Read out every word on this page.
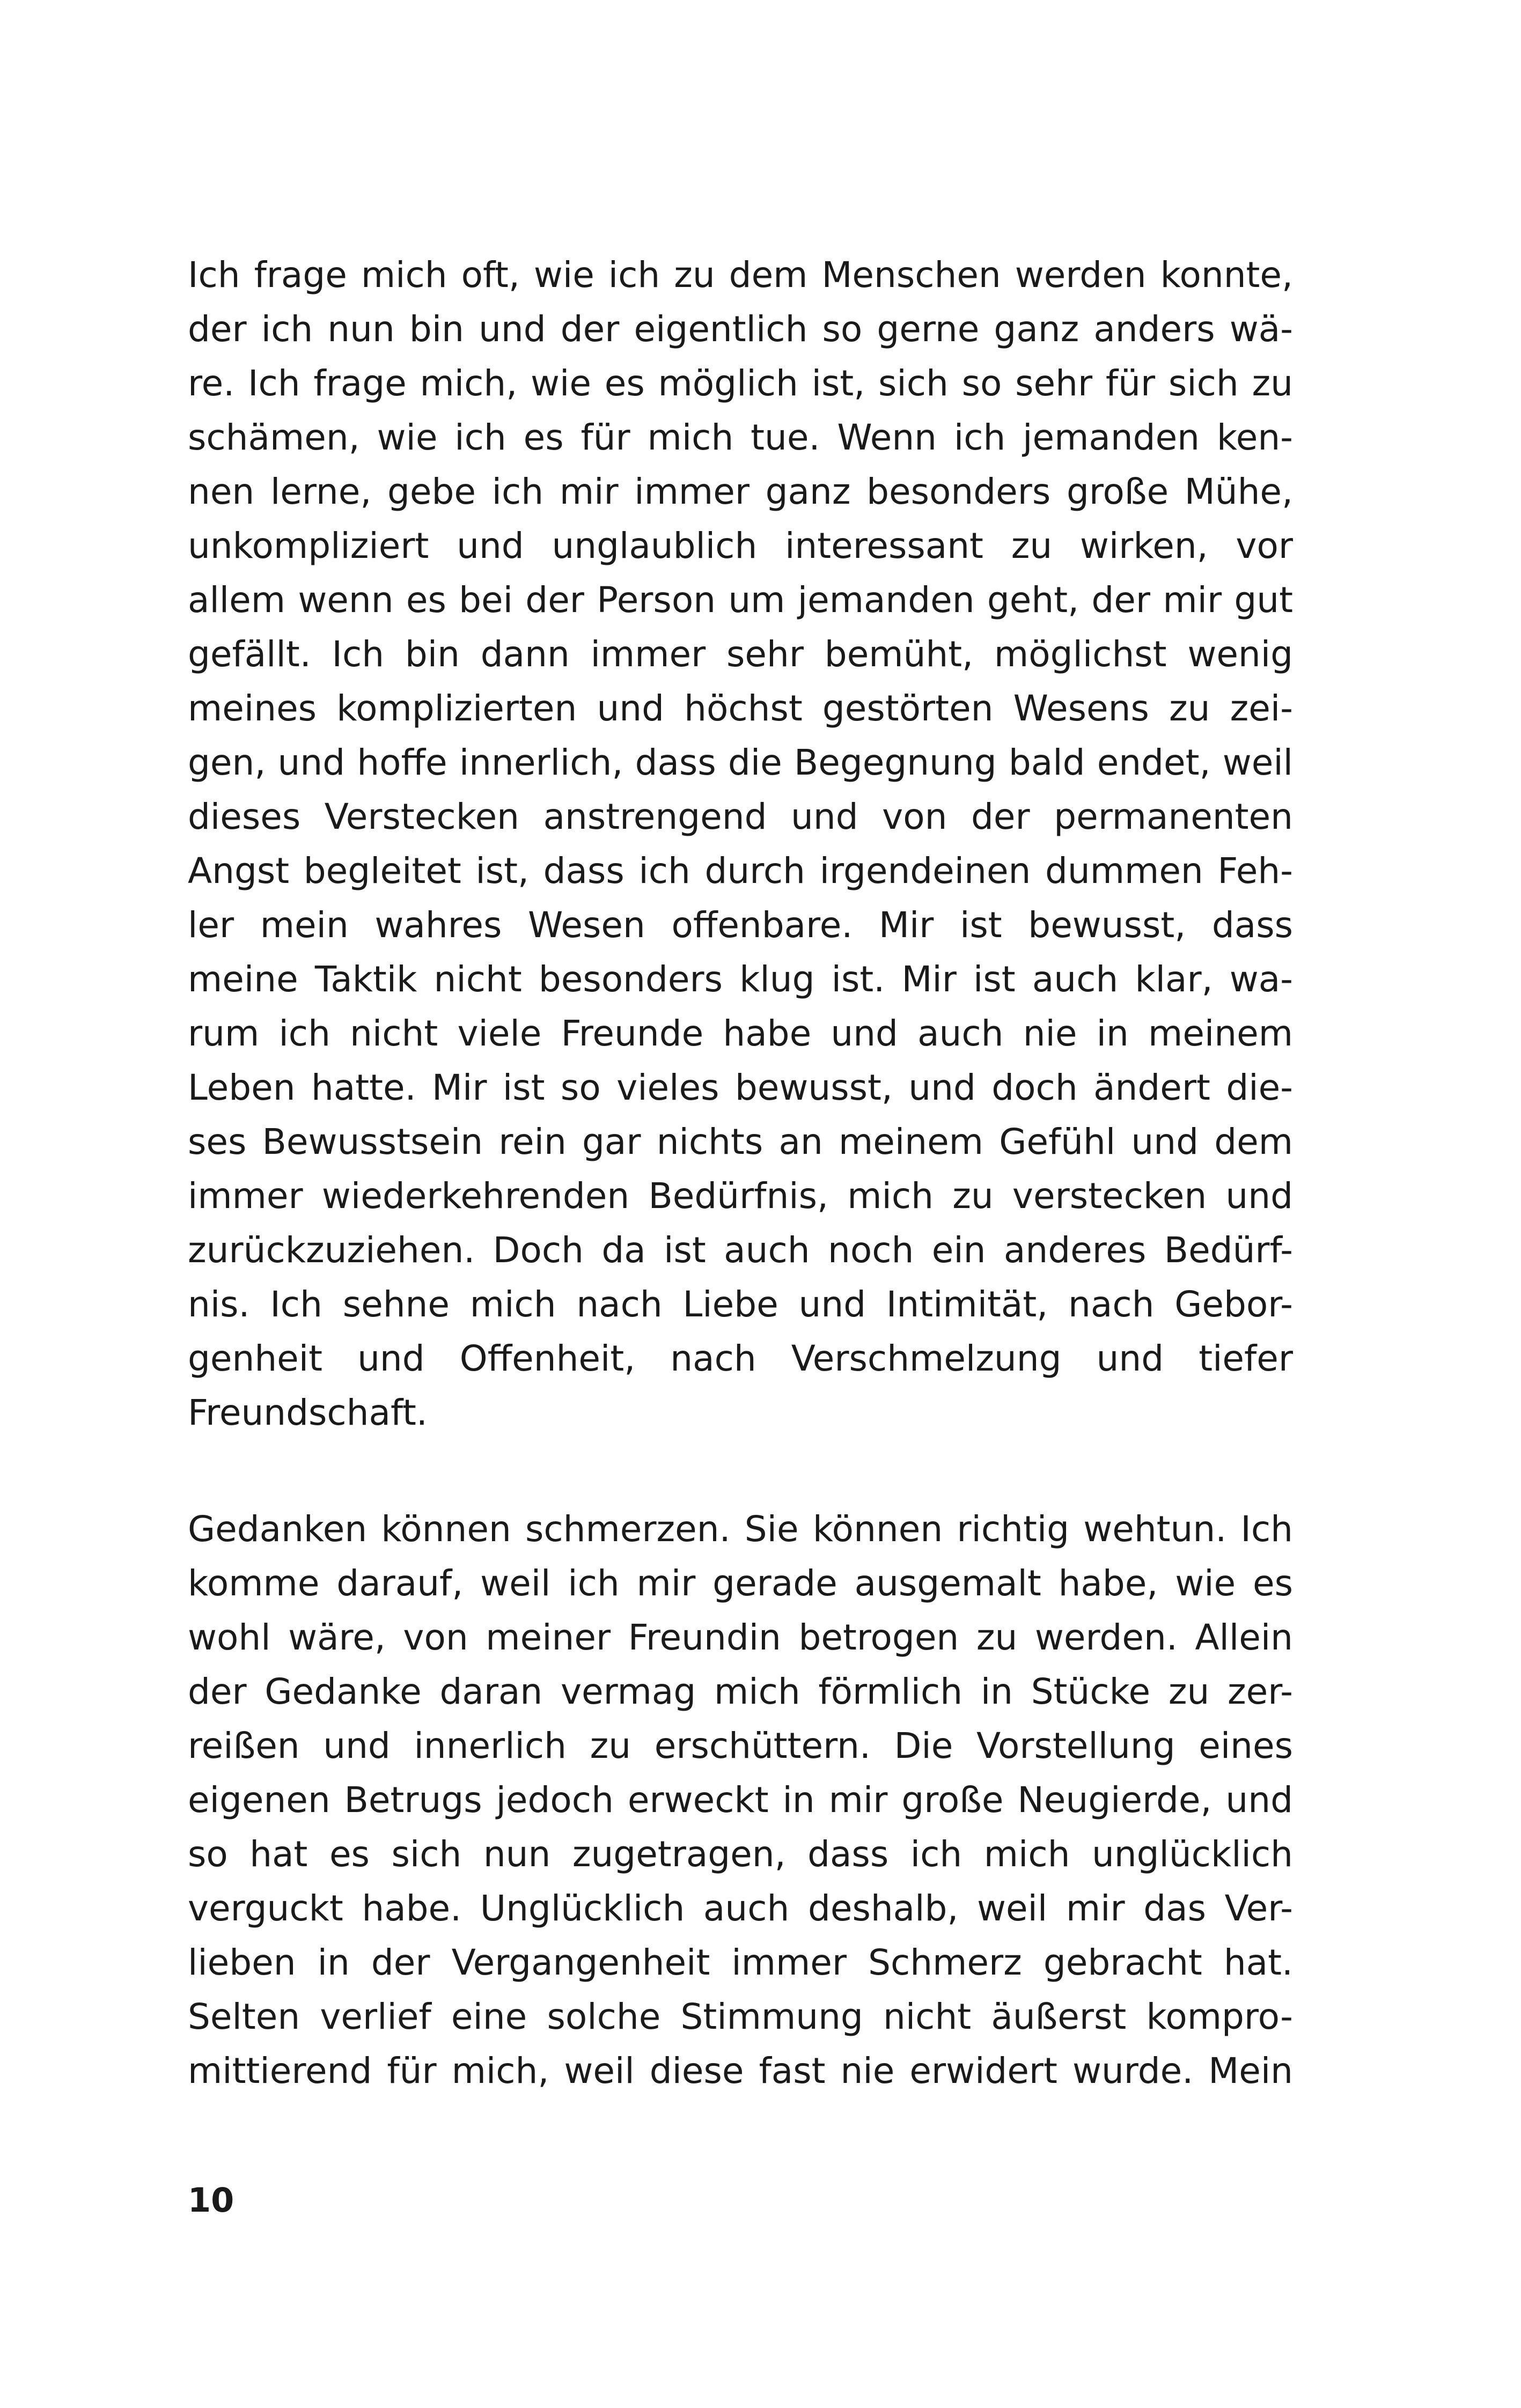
Ich frage mich oft, wie ich zu dem Menschen werden konnte,
der ich nun bin und der eigentlich so gerne ganz anders wä-
re. Ich frage mich, wie es möglich ist, sich so sehr für sich zu
schämen, wie ich es für mich tue. Wenn ich jemanden ken-
nen lerne, gebe ich mir immer ganz besonders große Mühe,
unkompliziert und unglaublich interessant zu wirken, vor
allem wenn es bei der Person um jemanden geht, der mir gut
gefällt. Ich bin dann immer sehr bemüht, möglichst wenig
meines komplizierten und höchst gestörten Wesens zu zei-
gen, und hoffe innerlich, dass die Begegnung bald endet, weil
dieses Verstecken anstrengend und von der permanenten
Angst begleitet ist, dass ich durch irgendeinen dummen Feh-
ler mein wahres Wesen offenbare. Mir ist bewusst, dass
meine Taktik nicht besonders klug ist. Mir ist auch klar, wa-
rum ich nicht viele Freunde habe und auch nie in meinem
Leben hatte. Mir ist so vieles bewusst, und doch ändert die-
ses Bewusstsein rein gar nichts an meinem Gefühl und dem
immer wiederkehrenden Bedürfnis, mich zu verstecken und
zurückzuziehen. Doch da ist auch noch ein anderes Bedürf-
nis. Ich sehne mich nach Liebe und Intimität, nach Gebor-
genheit und Offenheit, nach Verschmelzung und tiefer
Freundschaft.
Gedanken können schmerzen. Sie können richtig wehtun. Ich
komme darauf, weil ich mir gerade ausgemalt habe, wie es
wohl wäre, von meiner Freundin betrogen zu werden. Allein
der Gedanke daran vermag mich förmlich in Stücke zu zer-
reißen und innerlich zu erschüttern. Die Vorstellung eines
eigenen Betrugs jedoch erweckt in mir große Neugierde, und
so hat es sich nun zugetragen, dass ich mich unglücklich
verguckt habe. Unglücklich auch deshalb, weil mir das Ver-
lieben in der Vergangenheit immer Schmerz gebracht hat.
Selten verlief eine solche Stimmung nicht äußerst kompro-
mittierend für mich, weil diese fast nie erwidert wurde. Mein
10
